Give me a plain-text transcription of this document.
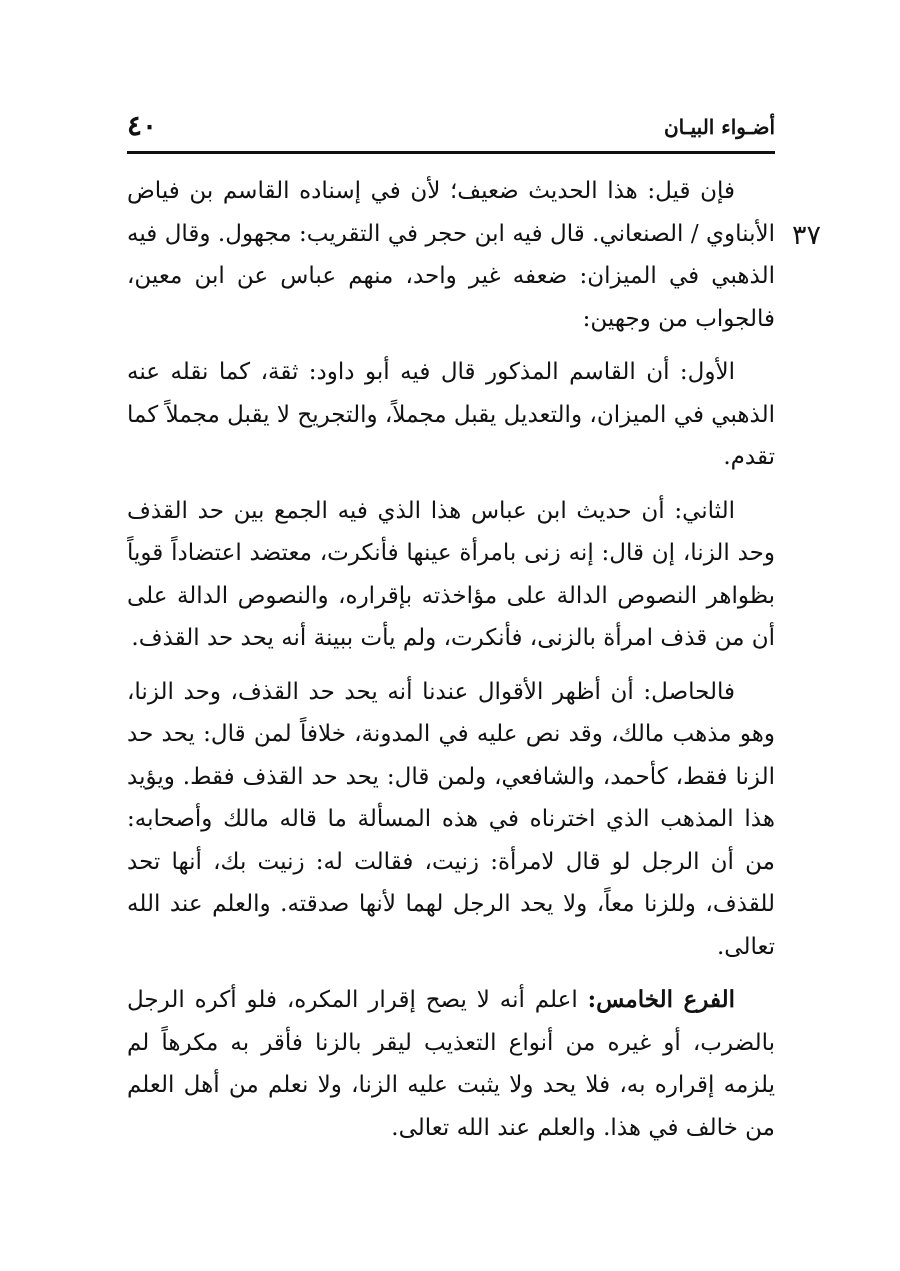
أضـواء البيـان
٤٠
٣٧

فإن قيل: هذا الحديث ضعيف؛ لأن في إسناده القاسم بن فياض الأبناوي / الصنعاني. قال فيه ابن حجر في التقريب: مجهول. وقال فيه الذهبي في الميزان: ضعفه غير واحد، منهم عباس عن ابن معين، فالجواب من وجهين:

الأول: أن القاسم المذكور قال فيه أبو داود: ثقة، كما نقله عنه الذهبي في الميزان، والتعديل يقبل مجملاً، والتجريح لا يقبل مجملاً كما تقدم.

الثاني: أن حديث ابن عباس هذا الذي فيه الجمع بين حد القذف وحد الزنا، إن قال: إنه زنى بامرأة عينها فأنكرت، معتضد اعتضاداً قوياً بظواهر النصوص الدالة على مؤاخذته بإقراره، والنصوص الدالة على أن من قذف امرأة بالزنى، فأنكرت، ولم يأت ببينة أنه يحد حد القذف.

فالحاصل: أن أظهر الأقوال عندنا أنه يحد حد القذف، وحد الزنا، وهو مذهب مالك، وقد نص عليه في المدونة، خلافاً لمن قال: يحد حد الزنا فقط، كأحمد، والشافعي، ولمن قال: يحد حد القذف فقط. ويؤيد هذا المذهب الذي اخترناه في هذه المسألة ما قاله مالك وأصحابه: من أن الرجل لو قال لامرأة: زنيت، فقالت له: زنيت بك، أنها تحد للقذف، وللزنا معاً، ولا يحد الرجل لهما لأنها صدقته. والعلم عند الله تعالى.

الفرع الخامس: اعلم أنه لا يصح إقرار المكره، فلو أكره الرجل بالضرب، أو غيره من أنواع التعذيب ليقر بالزنا فأقر به مكرهاً لم يلزمه إقراره به، فلا يحد ولا يثبت عليه الزنا، ولا نعلم من أهل العلم من خالف في هذا. والعلم عند الله تعالى.
